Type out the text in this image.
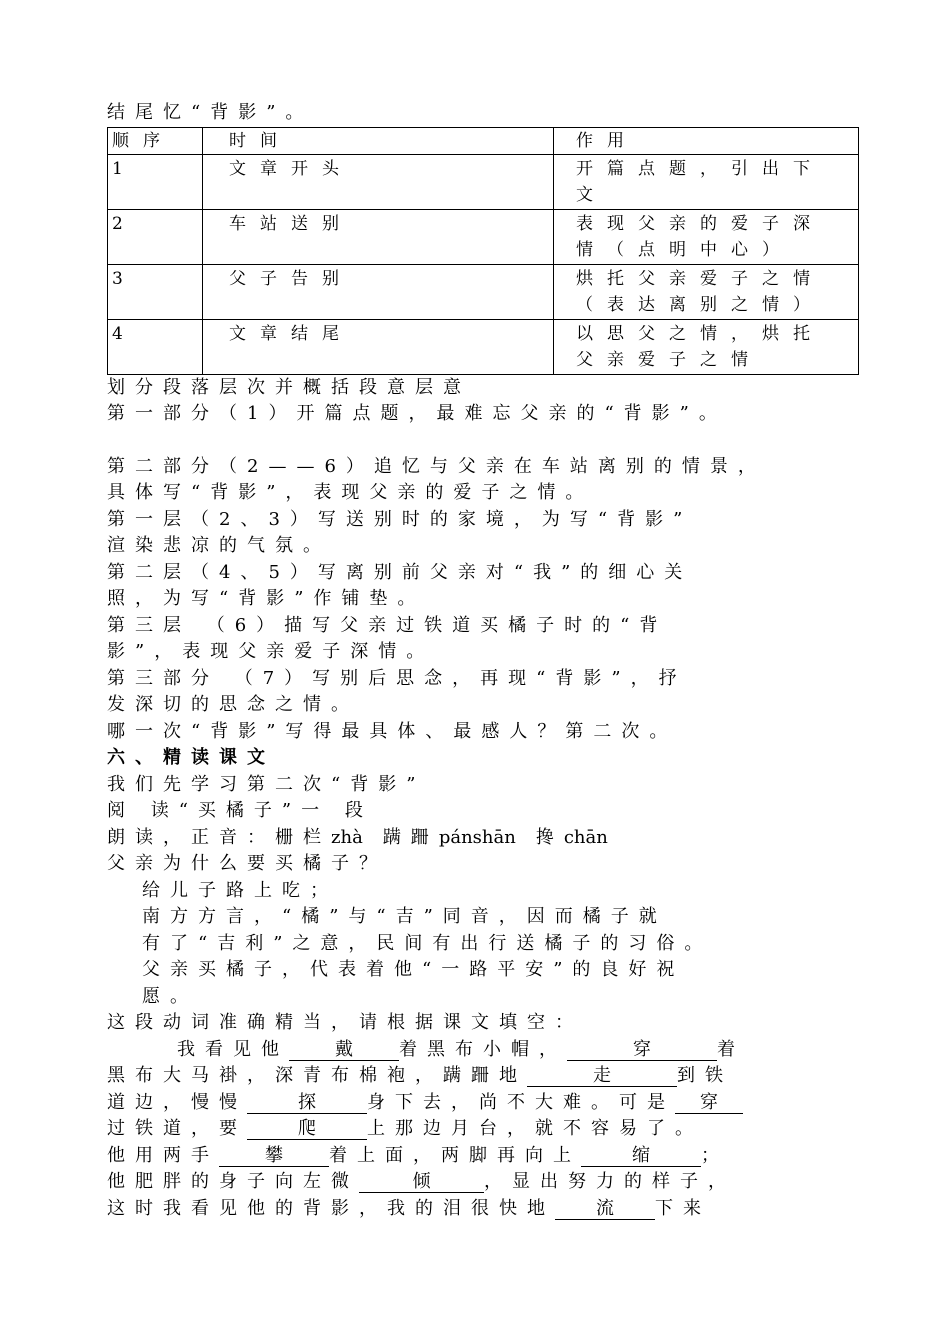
结尾忆“背影”。
顺序	时间	作用
1	文章开头	开篇点题，引出下文
2	车站送别	表现父亲的爱子深情（点明中心）
3	父子告别	烘托父亲爱子之情（表达离别之情）
4	文章结尾	以思父之情，烘托父亲爱子之情
划分段落层次并概括段意层意
第一部分（1）开篇点题，最难忘父亲的“背影”。
第二部分（2——6）追忆与父亲在车站离别的情景，
具体写“背影”，表现父亲的爱子之情。
第一层（2、3）写送别时的家境，为写“背影”
渲染悲凉的气氛。
第二层（4、5）写离别前父亲对“我”的细心关
照，为写“背影”作铺垫。
第三层 （6）描写父亲过铁道买橘子时的“背
影”，表现父亲爱子深情。
第三部分 （7）写别后思念，再现“背影”，抒
发深切的思念之情。
哪一次“背影”写得最具体、最感人？第二次。
六、精读课文
我们先学习第二次“背影”
阅 读“买橘子”一 段
朗读，正音：栅栏zhà 蹒跚pánshān 搀chān
父亲为什么要买橘子？
给儿子路上吃；
南方方言，“橘”与“吉”同音，因而橘子就
有了“吉利”之意，民间有出行送橘子的习俗。
父亲买橘子，代表着他“一路平安”的良好祝
愿。
这段动词准确精当，请根据课文填空：
我看见他	戴	着黑布小帽，	穿	着
黑布大马褂，深青布棉袍，蹒跚地	走	到铁
道边，慢慢	探	身下去，尚不大难。可是 穿
过铁道，要	爬	上那边月台，就不容易了。
他用两手	攀	着上面，两脚再向上	缩	；
他肥胖的身子向左微	倾	，显出努力的样子，
这时我看见他的背影，我的泪很快地 流 下来
